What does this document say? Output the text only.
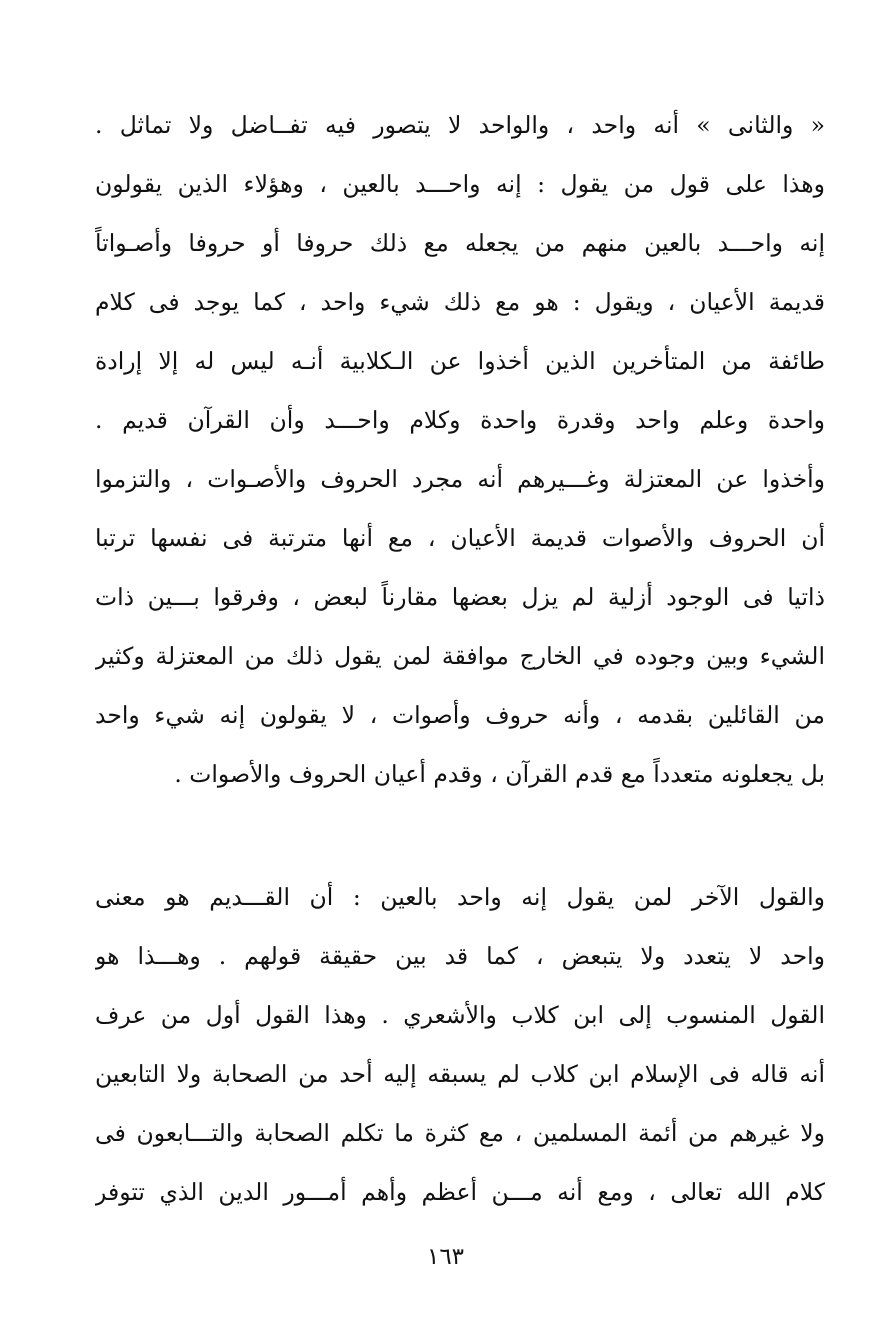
« والثانى » أنه واحد ، والواحد لا يتصور فيه تفــاضل ولا تماثل .
وهذا على قول من يقول : إنه واحـــد بالعين ، وهؤلاء الذين يقولون
إنه واحـــد بالعين منهم من يجعله مع ذلك حروفا أو حروفا وأصـواتاً
قديمة الأعيان ، ويقول : هو مع ذلك شيء واحد ، كما يوجد فى كلام
طائفة من المتأخرين الذين أخذوا عن الـكلابية أنـه ليس له إلا إرادة
واحدة وعلم واحد وقدرة واحدة وكلام واحـــد وأن القرآن قديم .
وأخذوا عن المعتزلة وغـــيرهم أنه مجرد الحروف والأصـوات ، والتزموا
أن الحروف والأصوات قديمة الأعيان ، مع أنها مترتبة فى نفسها ترتبا
ذاتيا فى الوجود أزلية لم يزل بعضها مقارناً لبعض ، وفرقوا بـــين ذات
الشيء وبين وجوده في الخارج موافقة لمن يقول ذلك من المعتزلة وكثير
من القائلين بقدمه ، وأنه حروف وأصوات ، لا يقولون إنه شيء واحد
بل يجعلونه متعدداً مع قدم القرآن ، وقدم أعيان الحروف والأصوات .
والقول الآخر لمن يقول إنه واحد بالعين : أن القـــديم هو معنى
واحد لا يتعدد ولا يتبعض ، كما قد بين حقيقة قولهم . وهـــذا هو
القول المنسوب إلى ابن كلاب والأشعري . وهذا القول أول من عرف
أنه قاله فى الإسلام ابن كلاب لم يسبقه إليه أحد من الصحابة ولا التابعين
ولا غيرهم من أئمة المسلمين ، مع كثرة ما تكلم الصحابة والتـــابعون فى
كلام الله تعالى ، ومع أنه مـــن أعظم وأهم أمـــور الدين الذي تتوفر
١٦٣
